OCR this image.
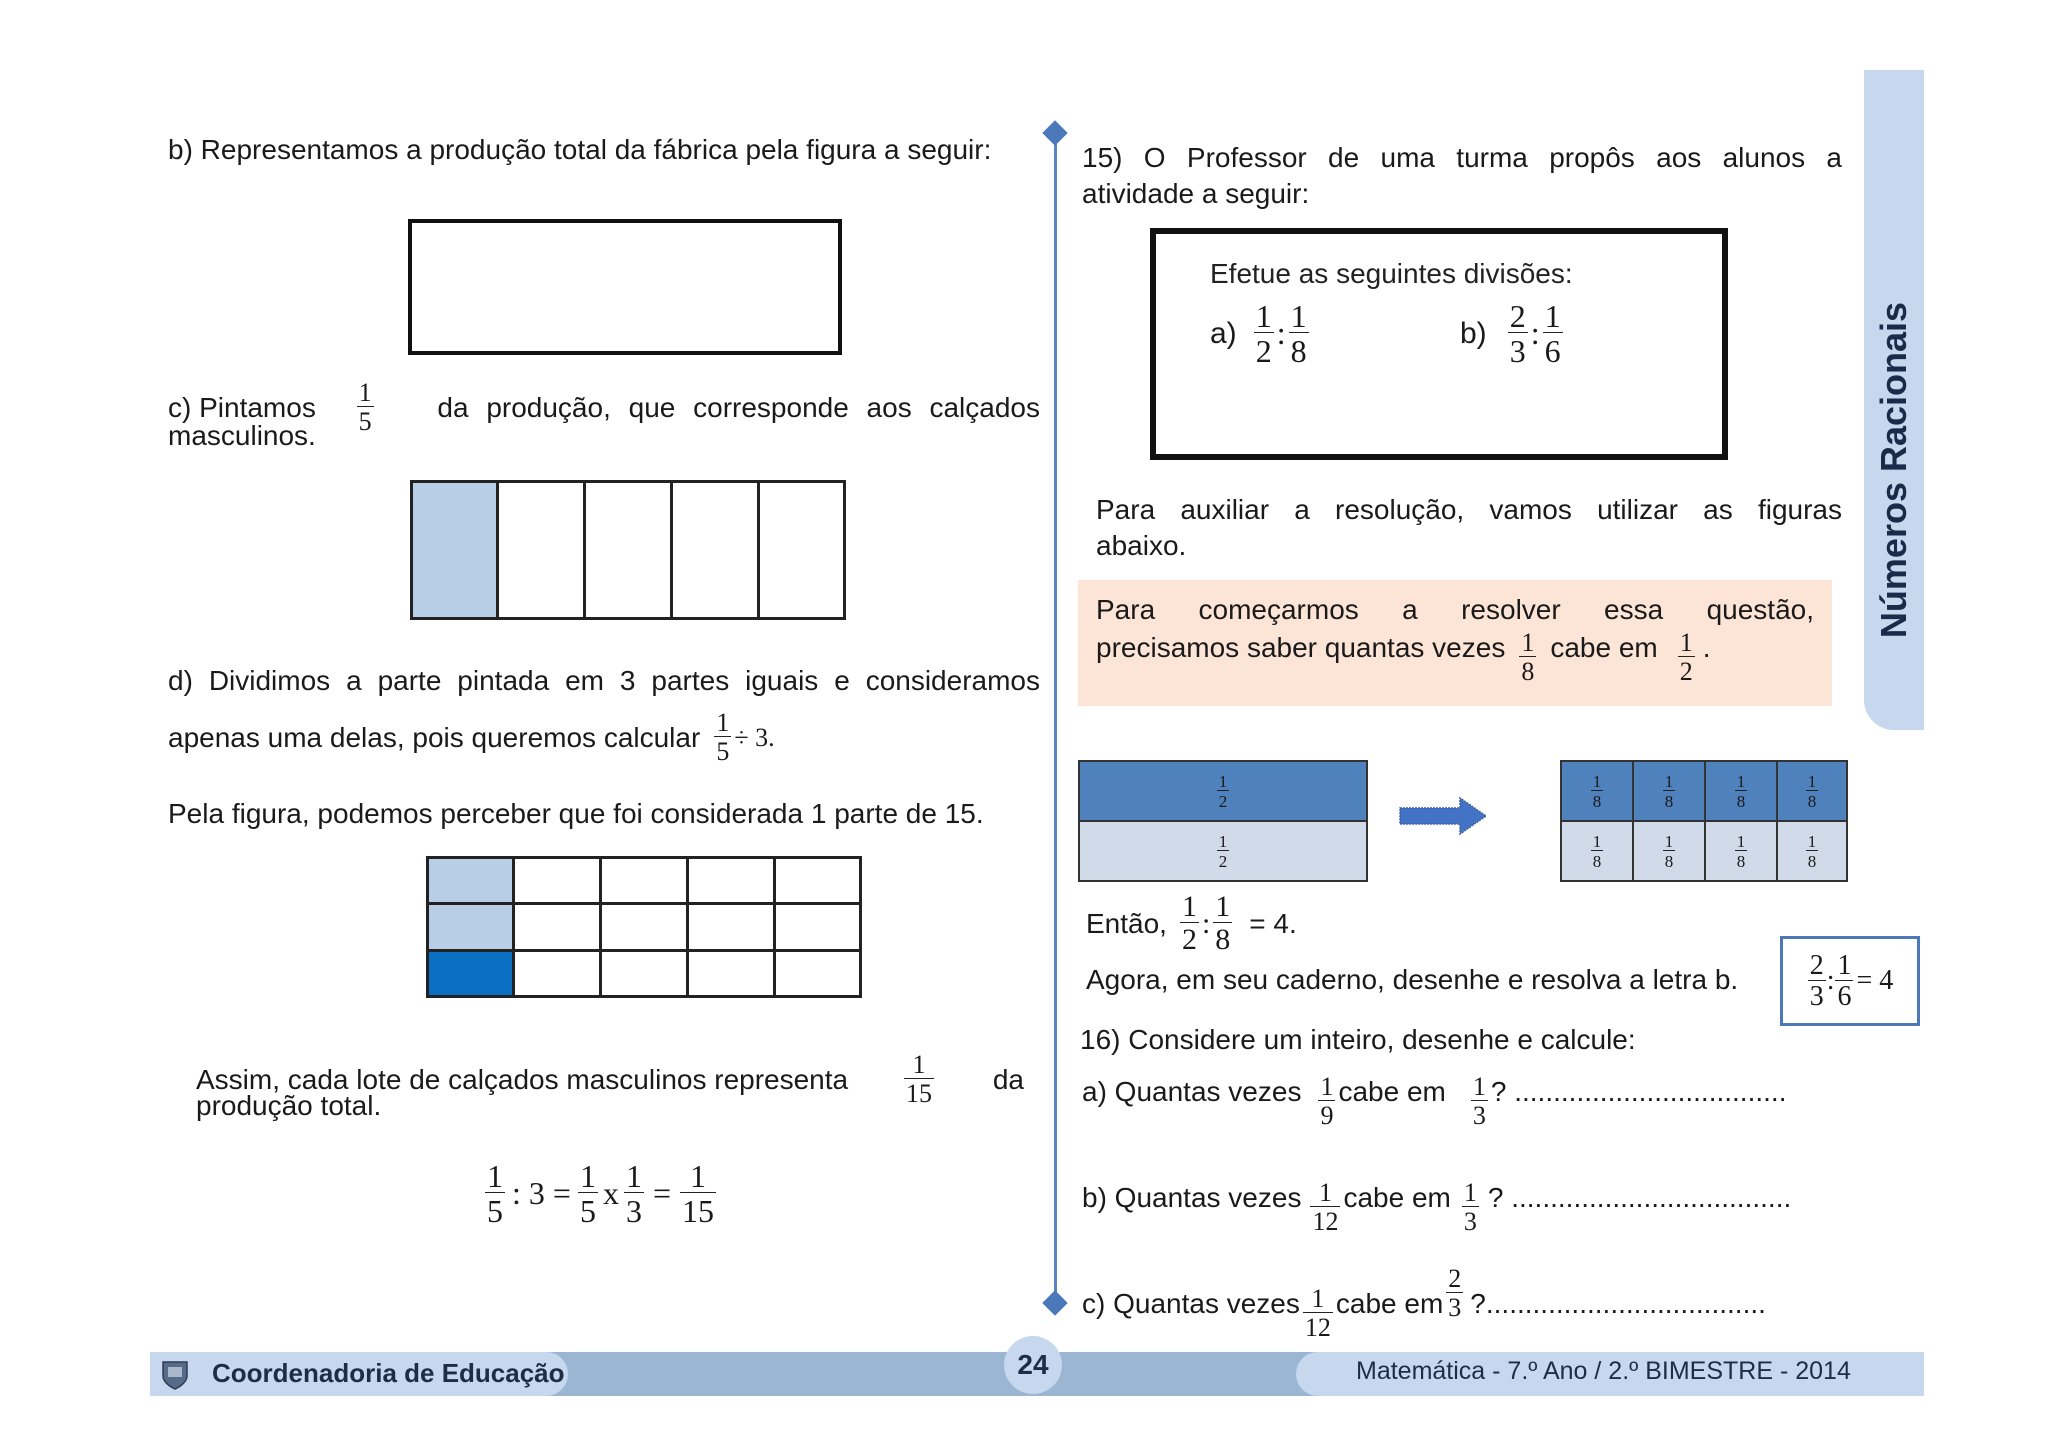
Números Racionais
b) Representamos a produção total da fábrica pela figura a seguir:
c) Pintamos $\frac{1}{5}$ da produção, que corresponde aos calçados
masculinos.
d) Dividimos a parte pintada em 3 partes iguais e consideramos
apenas uma delas, pois queremos calcular $\frac{1}{5} \div 3$.
Pela figura, podemos perceber que foi considerada 1 parte de 15.
Assim, cada lote de calçados masculinos representa $\frac{1}{15}$ da
produção total.
$\frac{1}{5}$ : $3 = \frac{1}{5}$ x $\frac{1}{3} = \frac{1}{15}$
15) O Professor de uma turma propôs aos alunos a
atividade a seguir:
Efetue as seguintes divisões:
$a) \frac{1}{2}$ : $\frac{1}{8}$	$b) \frac{2}{3}$ : $\frac{1}{6}$
Para auxiliar a resolução, vamos utilizar as figuras
abaixo.
Para começarmos a resolver essa questão,
precisamos saber quantas vezes $\frac{1}{8}$ cabe em $\frac{1}{2}$ .
$\frac{1}{2}$
$\frac{1}{2}$
$\frac{1}{8}$	$\frac{1}{8}$	$\frac{1}{8}$	$\frac{1}{8}$
$\frac{1}{8}$	$\frac{1}{8}$	$\frac{1}{8}$	$\frac{1}{8}$
Então, $\frac{1}{2}$ : $\frac{1}{8} = 4$.
Agora, em seu caderno, desenhe e resolva a letra b. $\frac{2}{3}$ : $\frac{1}{6} = 4$
16) Considere um inteiro, desenhe e calcule:
a) Quantas vezes $\frac{1}{9}$ cabe em $\frac{1}{3}$ ? ...................................
b) Quantas vezes $\frac{1}{12}$ cabe em $\frac{1}{3}$ ? ....................................
c) Quantas vezes $\frac{1}{12}$ cabe em $\frac{2}{3}$ ?....................................
Coordenadoria de Educação	24	Matemática - 7.º Ano / 2.º BIMESTRE - 2014
